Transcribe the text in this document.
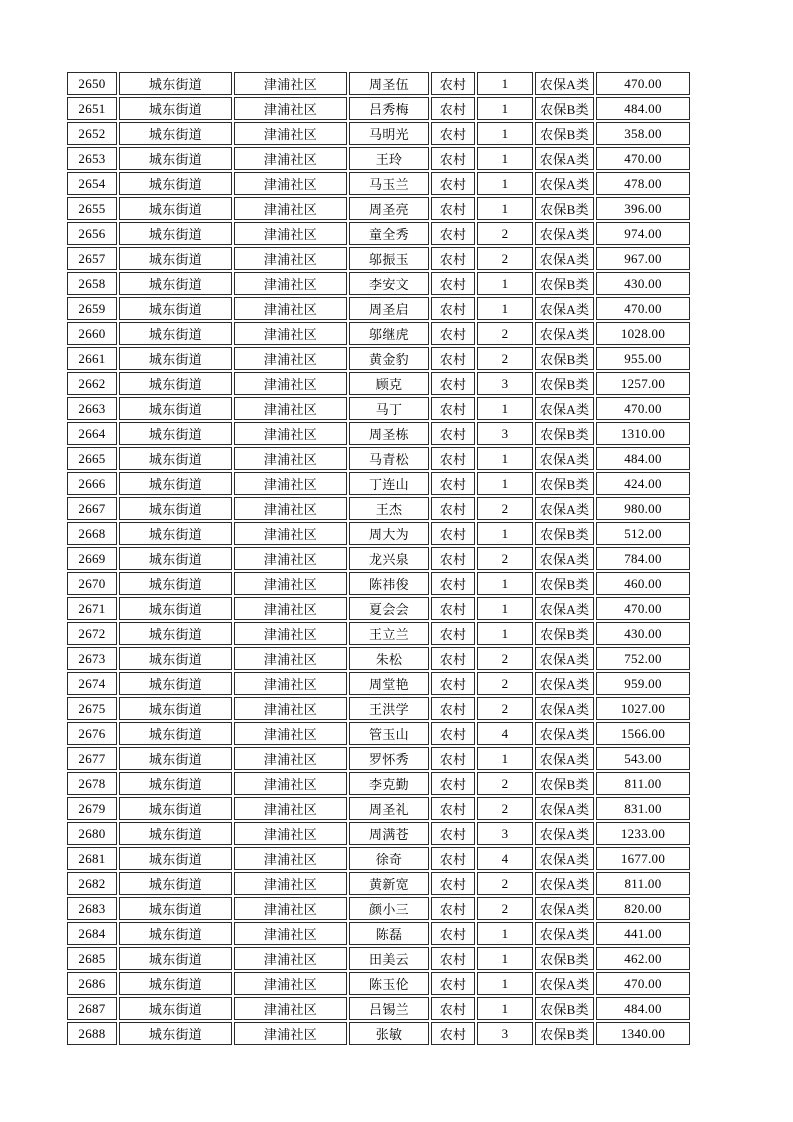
2650	城东街道	津浦社区	周圣伍	农村	1	农保A类	470.00
2651	城东街道	津浦社区	吕秀梅	农村	1	农保B类	484.00
2652	城东街道	津浦社区	马明光	农村	1	农保B类	358.00
2653	城东街道	津浦社区	王玲	农村	1	农保A类	470.00
2654	城东街道	津浦社区	马玉兰	农村	1	农保A类	478.00
2655	城东街道	津浦社区	周圣亮	农村	1	农保B类	396.00
2656	城东街道	津浦社区	童全秀	农村	2	农保A类	974.00
2657	城东街道	津浦社区	邬振玉	农村	2	农保A类	967.00
2658	城东街道	津浦社区	李安文	农村	1	农保B类	430.00
2659	城东街道	津浦社区	周圣启	农村	1	农保A类	470.00
2660	城东街道	津浦社区	邬继虎	农村	2	农保A类	1028.00
2661	城东街道	津浦社区	黄金豹	农村	2	农保B类	955.00
2662	城东街道	津浦社区	顾克	农村	3	农保B类	1257.00
2663	城东街道	津浦社区	马丁	农村	1	农保A类	470.00
2664	城东街道	津浦社区	周圣栋	农村	3	农保B类	1310.00
2665	城东街道	津浦社区	马青松	农村	1	农保A类	484.00
2666	城东街道	津浦社区	丁连山	农村	1	农保B类	424.00
2667	城东街道	津浦社区	王杰	农村	2	农保A类	980.00
2668	城东街道	津浦社区	周大为	农村	1	农保B类	512.00
2669	城东街道	津浦社区	龙兴泉	农村	2	农保A类	784.00
2670	城东街道	津浦社区	陈祎俊	农村	1	农保B类	460.00
2671	城东街道	津浦社区	夏会会	农村	1	农保A类	470.00
2672	城东街道	津浦社区	王立兰	农村	1	农保B类	430.00
2673	城东街道	津浦社区	朱松	农村	2	农保A类	752.00
2674	城东街道	津浦社区	周堂艳	农村	2	农保A类	959.00
2675	城东街道	津浦社区	王洪学	农村	2	农保A类	1027.00
2676	城东街道	津浦社区	管玉山	农村	4	农保A类	1566.00
2677	城东街道	津浦社区	罗怀秀	农村	1	农保A类	543.00
2678	城东街道	津浦社区	李克勤	农村	2	农保B类	811.00
2679	城东街道	津浦社区	周圣礼	农村	2	农保A类	831.00
2680	城东街道	津浦社区	周满苍	农村	3	农保A类	1233.00
2681	城东街道	津浦社区	徐奇	农村	4	农保A类	1677.00
2682	城东街道	津浦社区	黄新宽	农村	2	农保A类	811.00
2683	城东街道	津浦社区	颜小三	农村	2	农保A类	820.00
2684	城东街道	津浦社区	陈磊	农村	1	农保A类	441.00
2685	城东街道	津浦社区	田美云	农村	1	农保B类	462.00
2686	城东街道	津浦社区	陈玉伦	农村	1	农保A类	470.00
2687	城东街道	津浦社区	吕锡兰	农村	1	农保B类	484.00
2688	城东街道	津浦社区	张敏	农村	3	农保B类	1340.00
